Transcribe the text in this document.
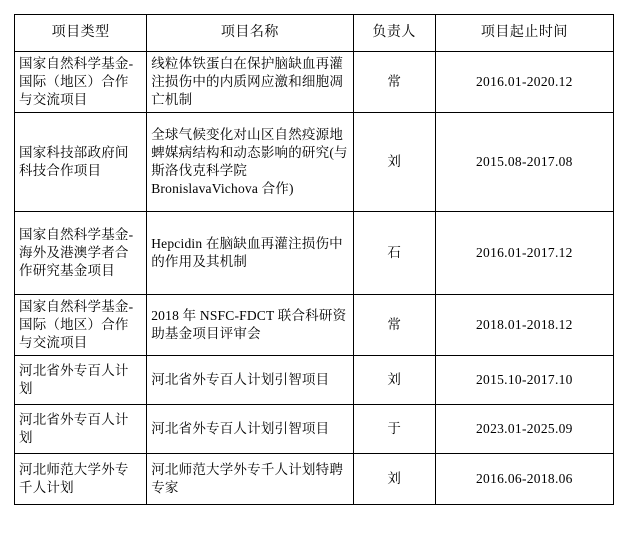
项目类型	项目名称	负责人	项目起止时间
国家自然科学基金-国际（地区）合作与交流项目	线粒体铁蛋白在保护脑缺血再灌注损伤中的内质网应激和细胞凋亡机制	常	2016.01-2020.12
国家科技部政府间科技合作项目	全球气候变化对山区自然疫源地蜱媒病结构和动态影响的研究(与斯洛伐克科学院BronislavaVichova 合作)	刘	2015.08-2017.08
国家自然科学基金-海外及港澳学者合作研究基金项目	Hepcidin 在脑缺血再灌注损伤中的作用及其机制	石	2016.01-2017.12
国家自然科学基金-国际（地区）合作与交流项目	2018 年 NSFC-FDCT 联合科研资助基金项目评审会	常	2018.01-2018.12
河北省外专百人计划	河北省外专百人计划引智项目	刘	2015.10-2017.10
河北省外专百人计划	河北省外专百人计划引智项目	于	2023.01-2025.09
河北师范大学外专千人计划	河北师范大学外专千人计划特聘专家	刘	2016.06-2018.06
